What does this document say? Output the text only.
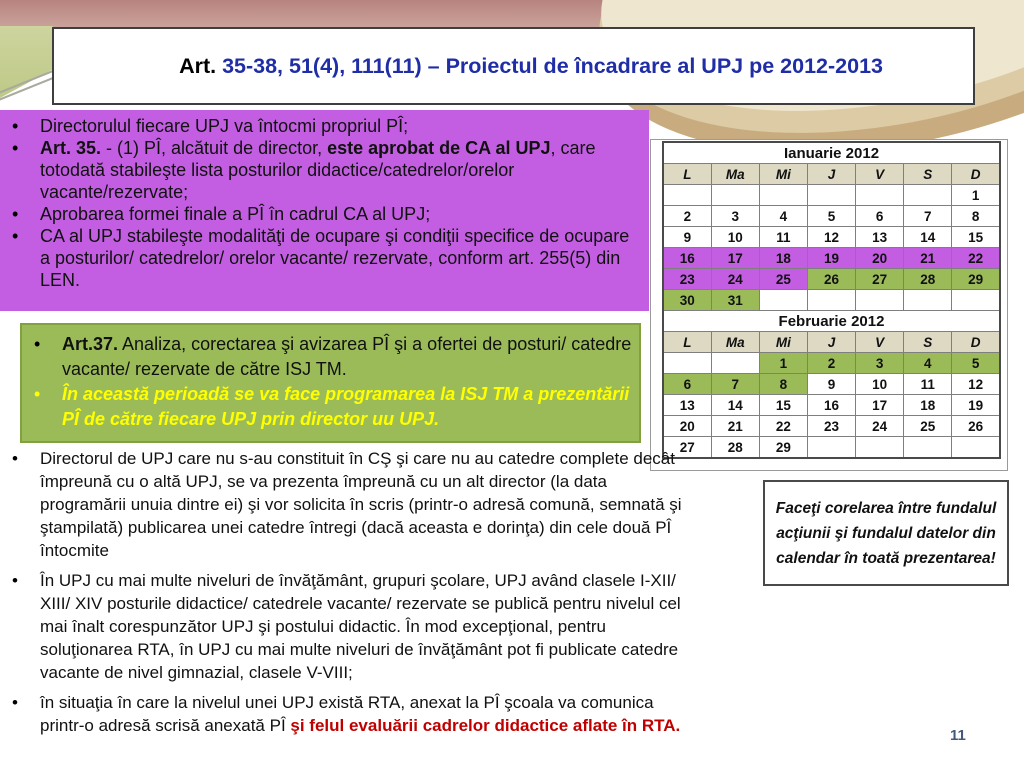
Art. 35-38, 51(4), 111(11) – Proiectul de încadrare al UPJ pe 2012-2013

•	Directorulul fiecare UPJ va întocmi propriul PÎ;
•	Art. 35. - (1) PÎ, alcătuit de director, este aprobat de CA al UPJ, care totodată stabileşte lista posturilor didactice/catedrelor/orelor vacante/rezervate;
•	Aprobarea formei finale a PÎ în cadrul CA al UPJ;
•	CA al UPJ stabileşte modalităţi de ocupare şi condiţii specifice de ocupare a posturilor/ catedrelor/ orelor vacante/ rezervate, conform art. 255(5) din LEN.
•	Art.37. Analiza, corectarea şi avizarea PÎ şi a ofertei de posturi/ catedre vacante/ rezervate de către ISJ TM.
•	În această perioadă se va face programarea la ISJ TM a prezentării PÎ de către fiecare UPJ prin director uu UPJ.
Ianuarie 2012						
L	Ma	Mi	J	V	S	D
						1
2	3	4	5	6	7	8
9	10	11	12	13	14	15
16	17	18	19	20	21	22
23	24	25	26	27	28	29
30	31					
Februarie 2012						
L	Ma	Mi	J	V	S	D
		1	2	3	4	5
6	7	8	9	10	11	12
13	14	15	16	17	18	19
20	21	22	23	24	25	26
27	28	29				
Faceţi corelarea între fundalul acţiunii şi fundalul datelor din calendar în toată prezentarea!
•	Directorul de UPJ care nu s-au constituit în CŞ şi care nu au catedre complete decât împreună cu o altă UPJ, se va prezenta împreună cu un alt director (la data programării unuia dintre ei) şi vor solicita în scris (printr-o adresă comună, semnată şi ştampilată) publicarea unei catedre întregi (dacă aceasta e dorinţa) din cele două PÎ întocmite
•	În UPJ cu mai multe niveluri de învăţământ, grupuri şcolare, UPJ având clasele I-XII/ XIII/ XIV posturile didactice/ catedrele vacante/ rezervate se publică pentru nivelul cel mai înalt corespunzător UPJ şi postului didactic. În mod excepţional, pentru soluţionarea RTA, în UPJ cu mai multe niveluri de învăţământ pot fi publicate catedre vacante de nivel gimnazial, clasele V-VIII;
•	în situaţia în care la nivelul unei UPJ există RTA, anexat la PÎ şcoala va comunica printr-o adresă scrisă anexată PÎ şi felul evaluării cadrelor didactice aflate în RTA.
11
